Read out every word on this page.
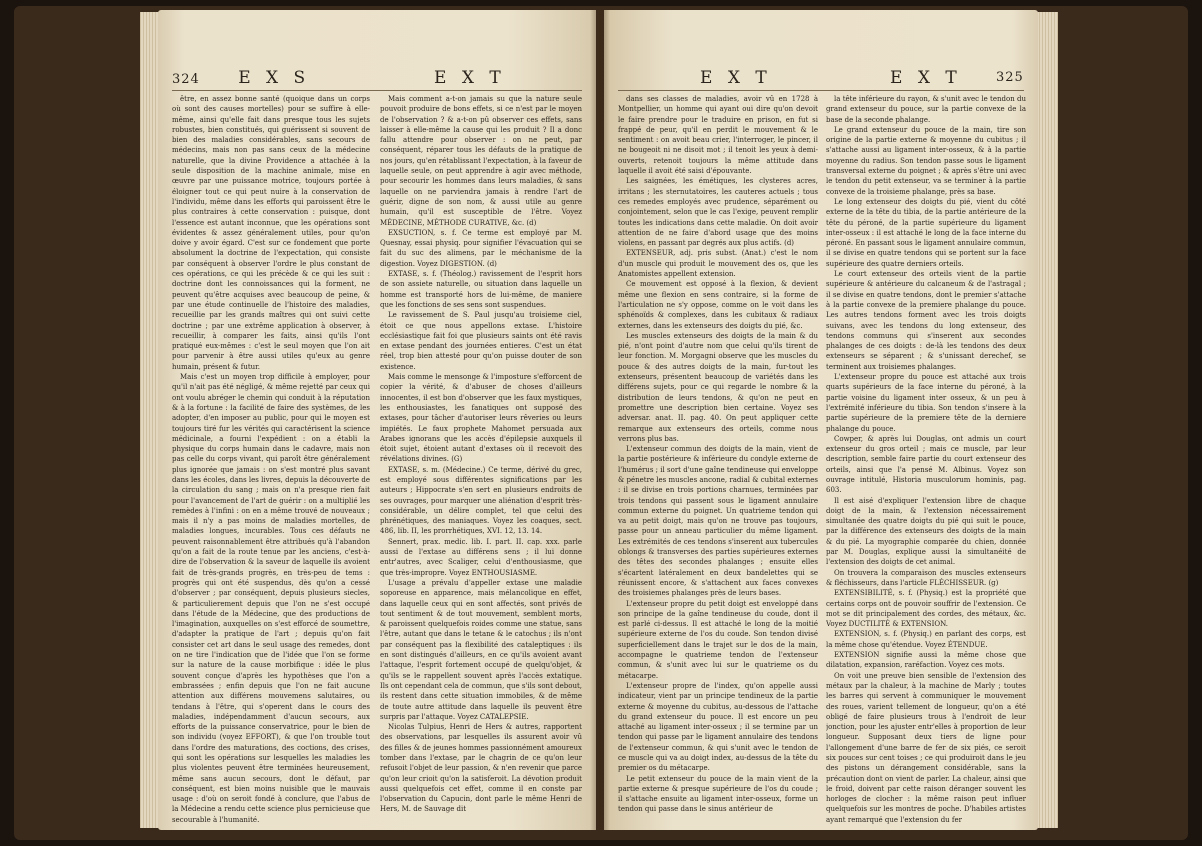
324 E X S	E X T

être, en assez bonne santé (quoique dans un corps où sont des causes mortelles) pour se suffire à elle-même, ainsi qu'elle fait dans presque tous les sujets robustes, bien constitués, qui guérissent si souvent de bien des maladies considérables, sans secours de médecins, mais non pas sans ceux de la médecine naturelle, que la divine Providence a attachée à la seule disposition de la machine animale, mise en œuvre par une puissance motrice, toujours portée à éloigner tout ce qui peut nuire à la conservation de l'individu, même dans les efforts qui paroissent être le plus contraires à cette conservation : puisque, dont l'essence est autant inconnue, que les opérations sont évidentes & assez généralement utiles, pour qu'on doive y avoir égard. C'est sur ce fondement que porte absolument la doctrine de l'expectation, qui consiste par conséquent à observer l'ordre le plus constant de ces opérations, ce qui les précède & ce qui les suit : doctrine dont les connoissances qui la forment, ne peuvent qu'être acquises avec beaucoup de peine, & par une étude continuelle de l'histoire des maladies, recueillie par les grands maîtres qui ont suivi cette doctrine ; par une extrême application à observer, à recueillir, à comparer les faits, ainsi qu'ils l'ont pratiqué eux-mêmes : c'est le seul moyen que l'on ait pour parvenir à être aussi utiles qu'eux au genre humain, présent & futur.

Mais c'est un moyen trop difficile à employer, pour qu'il n'ait pas été négligé, & même rejetté par ceux qui ont voulu abréger le chemin qui conduit à la réputation & à la fortune : la facilité de faire des systèmes, de les adopter, d'en imposer au public, pour qui le moyen est toujours tiré fur les vérités qui caractérisent la science médicinale, a fourni l'expédient : on a établi la physique du corps humain dans le cadavre, mais non pas celle du corps vivant, qui paroît être généralement plus ignorée que jamais : on s'est montré plus savant dans les écoles, dans les livres, depuis la découverte de la circulation du sang ; mais on n'a presque rien fait pour l'avancement de l'art de guérir : on a multiplié les remèdes à l'infini : on en a même trouvé de nouveaux ; mais il n'y a pas moins de maladies mortelles, de maladies longues, incurables. Tous ces défauts ne peuvent raisonnablement être attribués qu'à l'abandon qu'on a fait de la route tenue par les anciens, c'est-à-dire de l'observation & la saveur de laquelle ils avoient fait de très-grands progrès, en très-peu de tems : progrès qui ont été suspendus, dès qu'on a cessé d'observer ; par conséquent, depuis plusieurs siecles, & particulierement depuis que l'on ne s'est occupé dans l'étude de la Médecine, que des productions de l'imagination, auxquelles on s'est efforcé de soumettre, d'adapter la pratique de l'art ; depuis qu'on fait consister cet art dans le seul usage des remedes, dont on ne tire l'indication que de l'idée que l'on se forme sur la nature de la cause morbifique : idée le plus souvent conçue d'après les hypothèses que l'on a embrassées ; enfin depuis que l'on ne fait aucune attention aux différens mouvemens salutaires, ou tendans à l'être, qui s'operent dans le cours des maladies, indépendamment d'aucun secours, aux efforts de la puissance conservatrice, pour le bien de son individu (voyez EFFORT), & que l'on trouble tout dans l'ordre des maturations, des coctions, des crises, qui sont les opérations sur lesquelles les maladies les plus violentes peuvent être terminées heureusement, même sans aucun secours, dont le défaut, par conséquent, est bien moins nuisible que le mauvais usage : d'où on seroit fondé à conclure, que l'abus de la Médecine a rendu cette science plus pernicieuse que secourable à l'humanité.

Mais comment a-t-on jamais su que la nature seule pouvoit produire de bons effets, si ce n'est par le moyen de l'observation ? & a-t-on pû observer ces effets, sans laisser à elle-même la cause qui les produit ? Il a donc fallu attendre pour observer : on ne peut, par conséquent, réparer tous les défauts de la pratique de nos jours, qu'en rétablissant l'expectation, à la faveur de laquelle seule, on peut apprendre à agir avec méthode, pour secourir les hommes dans leurs maladies, & sans laquelle on ne parviendra jamais à rendre l'art de guérir, digne de son nom, & aussi utile au genre humain, qu'il est susceptible de l'être. Voyez MÉDECINE, MÉTHODE CURATIVE, &c. (d)

EXSUCTION, s. f. Ce terme est employé par M. Quesnay, essai physiq. pour signifier l'évacuation qui se fait du suc des alimens, par le méchanisme de la digestion. Voyez DIGESTION. (d)

EXTASE, s. f. (Théolog.) ravissement de l'esprit hors de son assiete naturelle, ou situation dans laquelle un homme est transporté hors de lui-même, de maniere que les fonctions de ses sens sont suspendues.

Le ravissement de S. Paul jusqu'au troisieme ciel, étoit ce que nous appellons extase. L'histoire ecclésiastique fait foi que plusieurs saints ont été ravis en extase pendant des journées entieres. C'est un état réel, trop bien attesté pour qu'on puisse douter de son existence.

Mais comme le mensonge & l'imposture s'efforcent de copier la vérité, & d'abuser de choses d'ailleurs innocentes, il est bon d'observer que les faux mystiques, les enthousiastes, les fanatiques ont supposé des extases, pour tâcher d'autoriser leurs rêveries ou leurs impiétés. Le faux prophete Mahomet persuada aux Arabes ignorans que les accès d'épilepsie auxquels il étoit sujet, étoient autant d'extases où il recevoit des révélations divines. (G)

EXTASE, s. m. (Médecine.) Ce terme, dérivé du grec, est employé sous différentes significations par les auteurs ; Hippocrate s'en sert en plusieurs endroits de ses ouvrages, pour marquer une aliénation d'esprit très-considérable, un délire complet, tel que celui des phrénétiques, des maniaques. Voyez les coaques, sect. 486, lib. II, les prorrhétiques, XVI. 12, 13. 14.

Sennert, prax. medic. lib. I. part. II. cap. xxx. parle aussi de l'extase au différens sens ; il lui donne entr'autres, avec Scaliger, celui d'enthousiasme, que que très-impropre. Voyez ENTHOUSIASME.

L'usage a prévalu d'appeller extase une maladie soporeuse en apparence, mais mélancolique en effet, dans laquelle ceux qui en sont affectés, sont privés de tout sentiment & de tout mouvement, semblent morts, & paroissent quelquefois roides comme une statue, sans l'être, autant que dans le tetane & le catochus ; ils n'ont par conséquent pas la flexibilité des cataleptiques : ils en sont distingués d'ailleurs, en ce qu'ils avoient avant l'attaque, l'esprit fortement occupé de quelqu'objet, & qu'ils se le rappellent souvent après l'accès extatique. Ils ont cependant cela de commun, que s'ils sont debout, ils restent dans cette situation immobiles, & de même de toute autre attitude dans laquelle ils peuvent être surpris par l'attaque. Voyez CATALEPSIE.

Nicolas Tulpius, Henri de Hers & autres, rapportent des observations, par lesquelles ils assurent avoir vû des filles & de jeunes hommes passionnément amoureux tomber dans l'extase, par le chagrin de ce qu'on leur refusoit l'objet de leur passion, & n'en revenir que parce qu'on leur crioit qu'on la satisferoit. La dévotion produit aussi quelquefois cet effet, comme il en conste par l'observation du Capucin, dont parle le même Henri de Hers, M. de Sauvage dit

E X T	E X T	325

dans ses classes de maladies, avoir vû en 1728 à Montpellier, un homme qui ayant oui dire qu'on devoit le faire prendre pour le traduire en prison, en fut si frappé de peur, qu'il en perdit le mouvement & le sentiment : on avoit beau crier, l'interroger, le pincer, il ne bougeoit ni ne disoit mot ; il tenoit les yeux à demi-ouverts, retenoit toujours la même attitude dans laquelle il avoit été saisi d'épouvante.

Les saignées, les émétiques, les clysteres acres, irritans ; les sternutatoires, les cauteres actuels ; tous ces remedes employés avec prudence, séparément ou conjointement, selon que le cas l'exige, peuvent remplir toutes les indications dans cette maladie. On doit avoir attention de ne faire d'abord usage que des moins violens, en passant par degrés aux plus actifs. (d)

EXTENSEUR, adj. pris subst. (Anat.) c'est le nom d'un muscle qui produit le mouvement des os, que les Anatomistes appellent extension.

Ce mouvement est opposé à la flexion, & devient même une flexion en sens contraire, si la forme de l'articulation ne s'y oppose, comme on le voit dans les sphénoïds & complexes, dans les cubitaux & radiaux externes, dans les extenseurs des doigts du pié, &c.

Les muscles extenseurs des doigts de la main & du pié, n'ont point d'autre nom que celui qu'ils tirent de leur fonction. M. Morgagni observe que les muscles du pouce & des autres doigts de la main, fur-tout les extenseurs, présentent beaucoup de variétés dans les différens sujets, pour ce qui regarde le nombre & la distribution de leurs tendons, & qu'on ne peut en promettre une description bien certaine. Voyez ses adversar. anat. II. pag. 40. On peut appliquer cette remarque aux extenseurs des orteils, comme nous verrons plus bas.

L'extenseur commun des doigts de la main, vient de la partie postérieure & inférieure du condyle externe de l'humérus ; il sort d'une gaîne tendineuse qui enveloppe & pénetre les muscles ancone, radial & cubital externes : il se divise en trois portions charnues, terminées par trois tendons qui passent sous le ligament annulaire commun externe du poignet. Un quatrieme tendon qui va au petit doigt, mais qu'on ne trouve pas toujours, passe pour un anneau particulier du même ligament. Les extrémités de ces tendons s'inserent aux tubercules oblongs & transverses des parties supérieures externes des têtes des secondes phalanges ; ensuite elles s'écartent latéralement en deux bandelettes qui se réunissent encore, & s'attachent aux faces convexes des troisiemes phalanges près de leurs bases.

L'extenseur propre du petit doigt est enveloppé dans son principe de la gaîne tendineuse du coude, dont il est parlé ci-dessus. Il est attaché le long de la moitié supérieure externe de l'os du coude. Son tendon divisé superficiellement dans le trajet sur le dos de la main, accompagne le quatrieme tendon de l'extenseur commun, & s'unit avec lui sur le quatrieme os du métacarpe.

L'extenseur propre de l'index, qu'on appelle aussi indicateur, vient par un principe tendineux de la partie externe & moyenne du cubitus, au-dessous de l'attache du grand extenseur du pouce. Il est encore un peu attaché au ligament inter-osseux ; il se termine par un tendon qui passe par le ligament annulaire des tendons de l'extenseur commun, & qui s'unit avec le tendon de ce muscle qui va au doigt index, au-dessus de la tête du premier os du métacarpe.

Le petit extenseur du pouce de la main vient de la partie externe & presque supérieure de l'os du coude ; il s'attache ensuite au ligament inter-osseux, forme un tendon qui passe dans le sinus antérieur de

la tête inférieure du rayon, & s'unit avec le tendon du grand extenseur du pouce, sur la partie convexe de la base de la seconde phalange.

Le grand extenseur du pouce de la main, tire son origine de la partie externe & moyenne du cubitus ; il s'attache aussi au ligament inter-osseux, & à la partie moyenne du radius. Son tendon passe sous le ligament transversal externe du poignet ; & après s'être uni avec le tendon du petit extenseur, va se terminer à la partie convexe de la troisieme phalange, près sa base.

Le long extenseur des doigts du pié, vient du côté externe de la tête du tibia, de la partie antérieure de la tête du péroné, de la partie supérieure du ligament inter-osseux : il est attaché le long de la face interne du péroné. En passant sous le ligament annulaire commun, il se divise en quatre tendons qui se portent sur la face supérieure des quatre derniers orteils.

Le court extenseur des orteils vient de la partie supérieure & antérieure du calcaneum & de l'astragal ; il se divise en quatre tendons, dont le premier s'attache à la partie convexe de la premiere phalange du pouce. Les autres tendons forment avec les trois doigts suivans, avec les tendons du long extenseur, des tendons communs qui s'inserent aux secondes phalanges de ces doigts : de-là les tendons des deux extenseurs se séparent ; & s'unissant derechef, se terminent aux troisiemes phalanges.

L'extenseur propre du pouce est attaché aux trois quarts supérieurs de la face interne du péroné, à la partie voisine du ligament inter osseux, & un peu à l'extrémité inférieure du tibia. Son tendon s'insere à la partie supérieure de la premiere tête de la derniere phalange du pouce.

Cowper, & après lui Douglas, ont admis un court extenseur du gros orteil ; mais ce muscle, par leur description, semble faire partie du court extenseur des orteils, ainsi que l'a pensé M. Albinus. Voyez son ouvrage intitulé, Historia musculorum hominis, pag. 603.

Il est aisé d'expliquer l'extension libre de chaque doigt de la main, & l'extension nécessairement simultanée des quatre doigts du pié qui suit le pouce, par la différence des extenseurs des doigts de la main & du pié. La myographie comparée du chien, donnée par M. Douglas, explique aussi la simultanéité de l'extension des doigts de cet animal.

On trouvera la comparaison des muscles extenseurs & fléchisseurs, dans l'article FLÉCHISSEUR. (g)

EXTENSIBILITÉ, s. f. (Physiq.) est la propriété que certains corps ont de pouvoir souffrir de l'extension. Ce mot se dit principalement des cordes, des métaux, &c. Voyez DUCTILITÉ & EXTENSION.

EXTENSION, s. f. (Physiq.) en parlant des corps, est la même chose qu'étendue. Voyez ÉTENDUE.

EXTENSION signifie aussi la même chose que dilatation, expansion, raréfaction. Voyez ces mots.

On voit une preuve bien sensible de l'extension des métaux par la chaleur, à la machine de Marly ; toutes les barres qui servent à communiquer le mouvement des roues, varient tellement de longueur, qu'on a été obligé de faire plusieurs trous à l'endroit de leur jonction, pour les ajuster entr'elles à proportion de leur longueur. Supposant deux tiers de ligne pour l'allongement d'une barre de fer de six piés, ce seroit six pouces sur cent toises ; ce qui produiroit dans le jeu des pistons un dérangement considérable, sans la précaution dont on vient de parler. La chaleur, ainsi que le froid, doivent par cette raison déranger souvent les horloges de clocher : la même raison peut influer quelquefois sur les montres de poche. D'habiles artistes ayant remarqué que l'extension du fer
